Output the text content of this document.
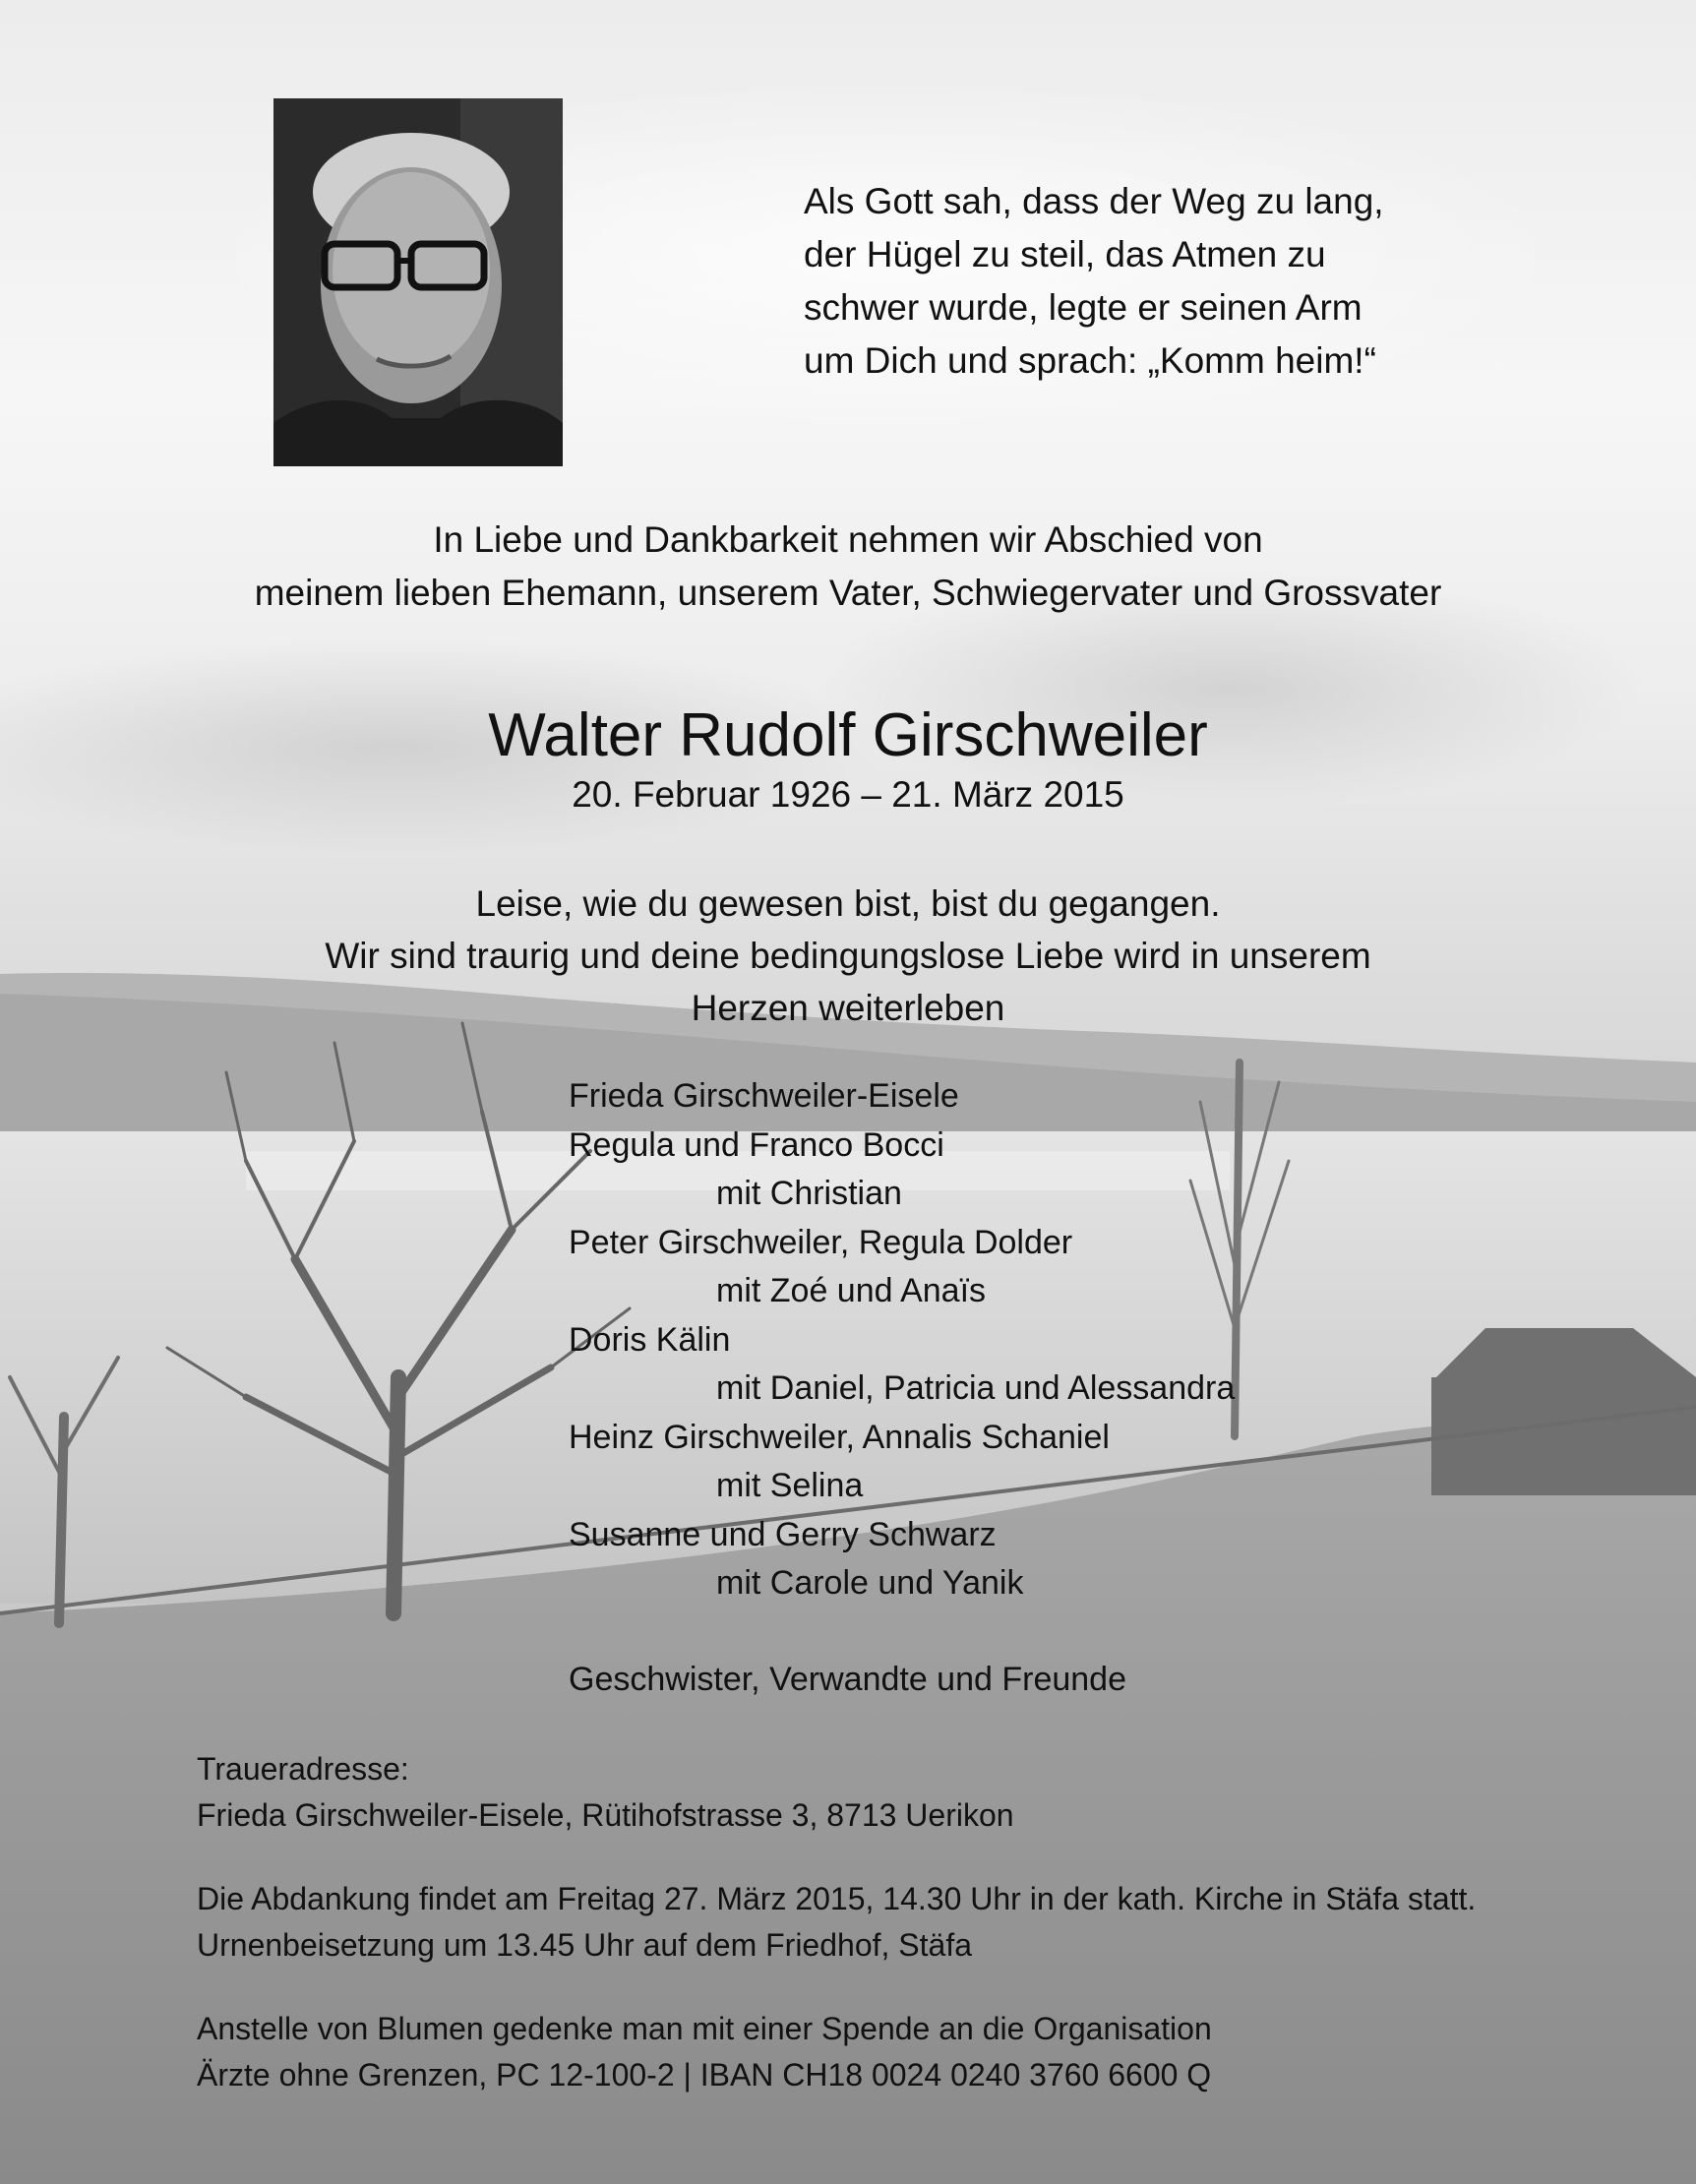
Als Gott sah, dass der Weg zu lang,
der Hügel zu steil, das Atmen zu
schwer wurde, legte er seinen Arm
um Dich und sprach: „Komm heim!“
In Liebe und Dankbarkeit nehmen wir Abschied von
meinem lieben Ehemann, unserem Vater, Schwiegervater und Grossvater
Walter Rudolf Girschweiler
20. Februar 1926 – 21. März 2015
Leise, wie du gewesen bist, bist du gegangen.
Wir sind traurig und deine bedingungslose Liebe wird in unserem
Herzen weiterleben
Frieda Girschweiler-Eisele
Regula und Franco Bocci
mit Christian
Peter Girschweiler, Regula Dolder
mit Zoé und Anaïs
Doris Kälin
mit Daniel, Patricia und Alessandra
Heinz Girschweiler, Annalis Schaniel
mit Selina
Susanne und Gerry Schwarz
mit Carole und Yanik
Geschwister, Verwandte und Freunde
Traueradresse:
Frieda Girschweiler-Eisele, Rütihofstrasse 3, 8713 Uerikon
Die Abdankung findet am Freitag 27. März 2015, 14.30 Uhr in der kath. Kirche in Stäfa statt.
Urnenbeisetzung um 13.45 Uhr auf dem Friedhof, Stäfa
Anstelle von Blumen gedenke man mit einer Spende an die Organisation
Ärzte ohne Grenzen, PC 12-100-2 | IBAN CH18 0024 0240 3760 6600 Q
